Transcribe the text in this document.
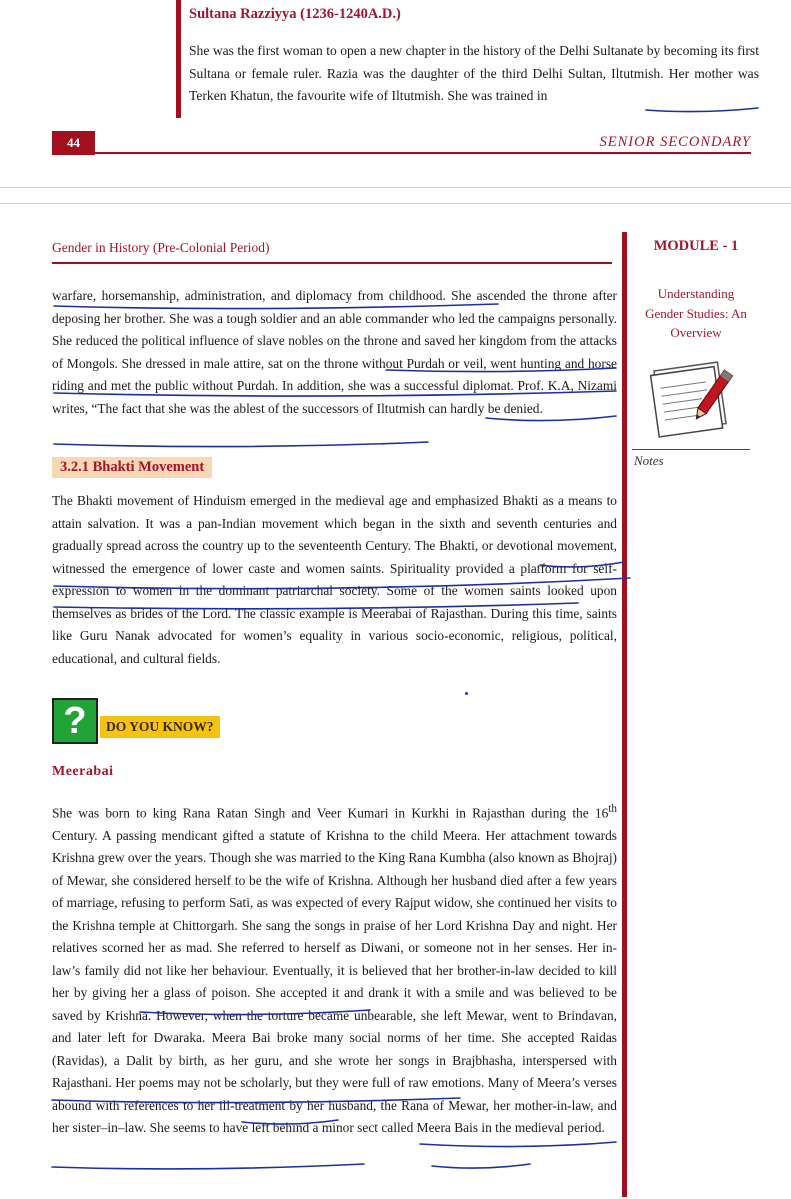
Sultana Razziyya (1236-1240A.D.)

She was the first woman to open a new chapter in the history of the Delhi Sultanate by becoming its first Sultana or female ruler. Razia was the daughter of the third Delhi Sultan, Iltutmish. Her mother was Terken Khatun, the favourite wife of Iltutmish. She was trained in

44	SENIOR SECONDARY
Gender in History (Pre-Colonial Period)	MODULE - 1
Understanding Gender Studies: An Overview
Notes

warfare, horsemanship, administration, and diplomacy from childhood. She ascended the throne after deposing her brother. She was a tough soldier and an able commander who led the campaigns personally. She reduced the political influence of slave nobles on the throne and saved her kingdom from the attacks of Mongols. She dressed in male attire, sat on the throne without Purdah or veil, went hunting and horse riding and met the public without Purdah. In addition, she was a successful diplomat. Prof. K.A, Nizami writes, “The fact that she was the ablest of the successors of Iltutmish can hardly be denied.

3.2.1 Bhakti Movement

The Bhakti movement of Hinduism emerged in the medieval age and emphasized Bhakti as a means to attain salvation. It was a pan-Indian movement which began in the sixth and seventh centuries and gradually spread across the country up to the seventeenth Century. The Bhakti, or devotional movement, witnessed the emergence of lower caste and women saints. Spirituality provided a platform for self-expression to women in the dominant patriarchal society. Some of the women saints looked upon themselves as brides of the Lord. The classic example is Meerabai of Rajasthan. During this time, saints like Guru Nanak advocated for women’s equality in various socio-economic, religious, political, educational, and cultural fields.

?	DO YOU KNOW?
Meerabai

She was born to king Rana Ratan Singh and Veer Kumari in Kurkhi in Rajasthan during the 16th Century. A passing mendicant gifted a statute of Krishna to the child Meera. Her attachment towards Krishna grew over the years. Though she was married to the King Rana Kumbha (also known as Bhojraj) of Mewar, she considered herself to be the wife of Krishna. Although her husband died after a few years of marriage, refusing to perform Sati, as was expected of every Rajput widow, she continued her visits to the Krishna temple at Chittorgarh. She sang the songs in praise of her Lord Krishna Day and night. Her relatives scorned her as mad. She referred to herself as Diwani, or someone not in her senses. Her in-law’s family did not like her behaviour. Eventually, it is believed that her brother-in-law decided to kill her by giving her a glass of poison. She accepted it and drank it with a smile and was believed to be saved by Krishna. However, when the torture became unbearable, she left Mewar, went to Brindavan, and later left for Dwaraka. Meera Bai broke many social norms of her time. She accepted Raidas (Ravidas), a Dalit by birth, as her guru, and she wrote her songs in Brajbhasha, interspersed with Rajasthani. Her poems may not be scholarly, but they were full of raw emotions. Many of Meera’s verses abound with references to her ill-treatment by her husband, the Rana of Mewar, her mother-in-law, and her sister–in–law. She seems to have left behind a minor sect called Meera Bais in the medieval period.
